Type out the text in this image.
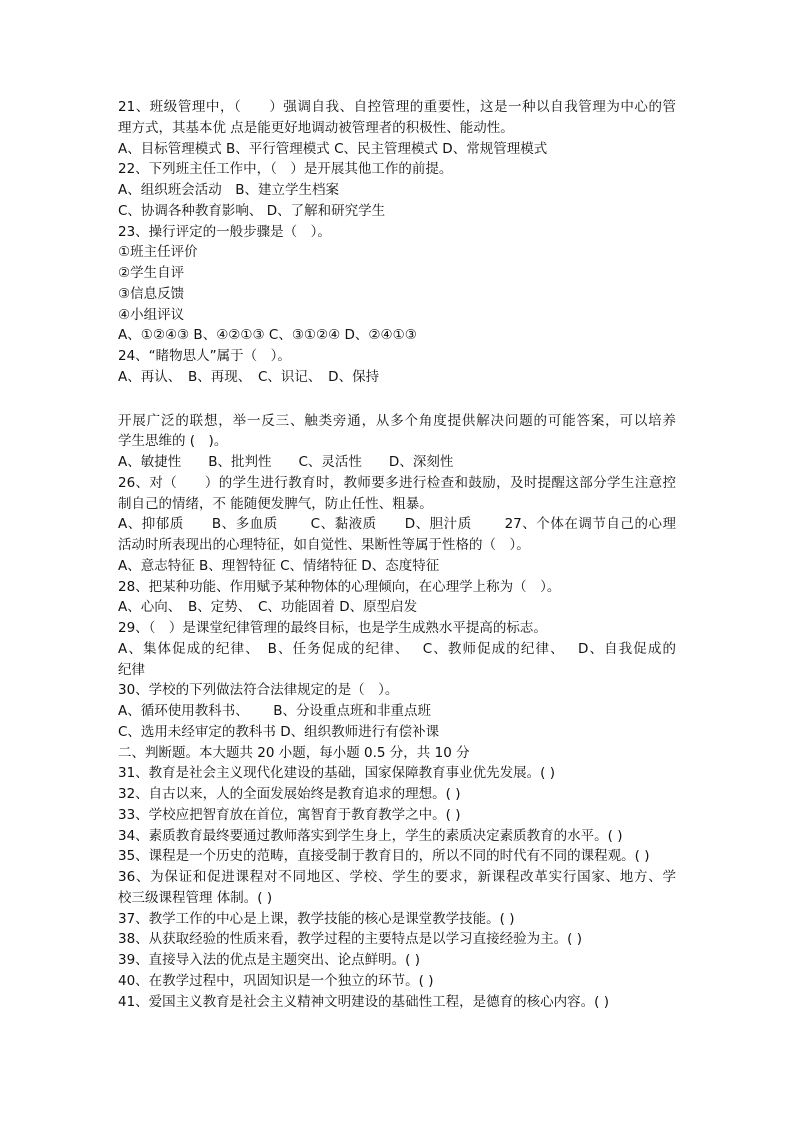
21、班级管理中，（　　）强调自我、自控管理的重要性，这是一种以自我管理为中心的管
理方式，其基本优 点是能更好地调动被管理者的积极性、能动性。
A、目标管理模式 B、平行管理模式 C、民主管理模式 D、常规管理模式
22、下列班主任工作中，（　）是开展其他工作的前提。
A、组织班会活动　B、建立学生档案
C、协调各种教育影响、 D、了解和研究学生
23、操行评定的一般步骤是（　）。
①班主任评价
②学生自评
③信息反馈
④小组评议
A、①②④③ B、④②①③ C、③①②④ D、②④①③
24、“睹物思人”属于（　）。
A、再认、　B、再现、　C、识记、　D、保持
开展广泛的联想，举一反三、触类旁通，从多个角度提供解决问题的可能答案，可以培养
学生思维的 (　)。
A、敏捷性　　B、批判性　　C、灵活性　　D、深刻性
26、对（　　）的学生进行教育时，教师要多进行检查和鼓励，及时提醒这部分学生注意控
制自己的情绪，不 能随便发脾气，防止任性、粗暴。
A、抑郁质　　B、多血质　　 C、黏液质　　D、胆汁质　　 27、个体在调节自己的心理
活动时所表现出的心理特征，如自觉性、果断性等属于性格的（　）。
A、意志特征 B、理智特征 C、情绪特征 D、态度特征
28、把某种功能、作用赋予某种物体的心理倾向，在心理学上称为（　）。
A、心向、　B、定势、　C、功能固着 D、原型启发
29、（　）是课堂纪律管理的最终目标，也是学生成熟水平提高的标志。
A、集体促成的纪律、　B、任务促成的纪律、　 C、教师促成的纪律、　 D、自我促成的
纪律
30、学校的下列做法符合法律规定的是（　）。
A、循环使用教科书、　　 B、分设重点班和非重点班
C、选用未经审定的教科书 D、组织教师进行有偿补课
二、判断题。本大题共 20 小题，每小题 0.5 分，共 10 分
31、教育是社会主义现代化建设的基础，国家保障教育事业优先发展。( )
32、自古以来，人的全面发展始终是教育追求的理想。( )
33、学校应把智育放在首位，寓智育于教育教学之中。( )
34、素质教育最终要通过教师落实到学生身上，学生的素质决定素质教育的水平。( )
35、课程是一个历史的范畴，直接受制于教育目的，所以不同的时代有不同的课程观。( )
36、为保证和促进课程对不同地区、学校、学生的要求，新课程改革实行国家、地方、学
校三级课程管理 体制。( )
37、教学工作的中心是上课，教学技能的核心是课堂教学技能。( )
38、从获取经验的性质来看，教学过程的主要特点是以学习直接经验为主。( )
39、直接导入法的优点是主题突出、论点鲜明。( )
40、在教学过程中，巩固知识是一个独立的环节。( )
41、爱国主义教育是社会主义精神文明建设的基础性工程，是德育的核心内容。( )
